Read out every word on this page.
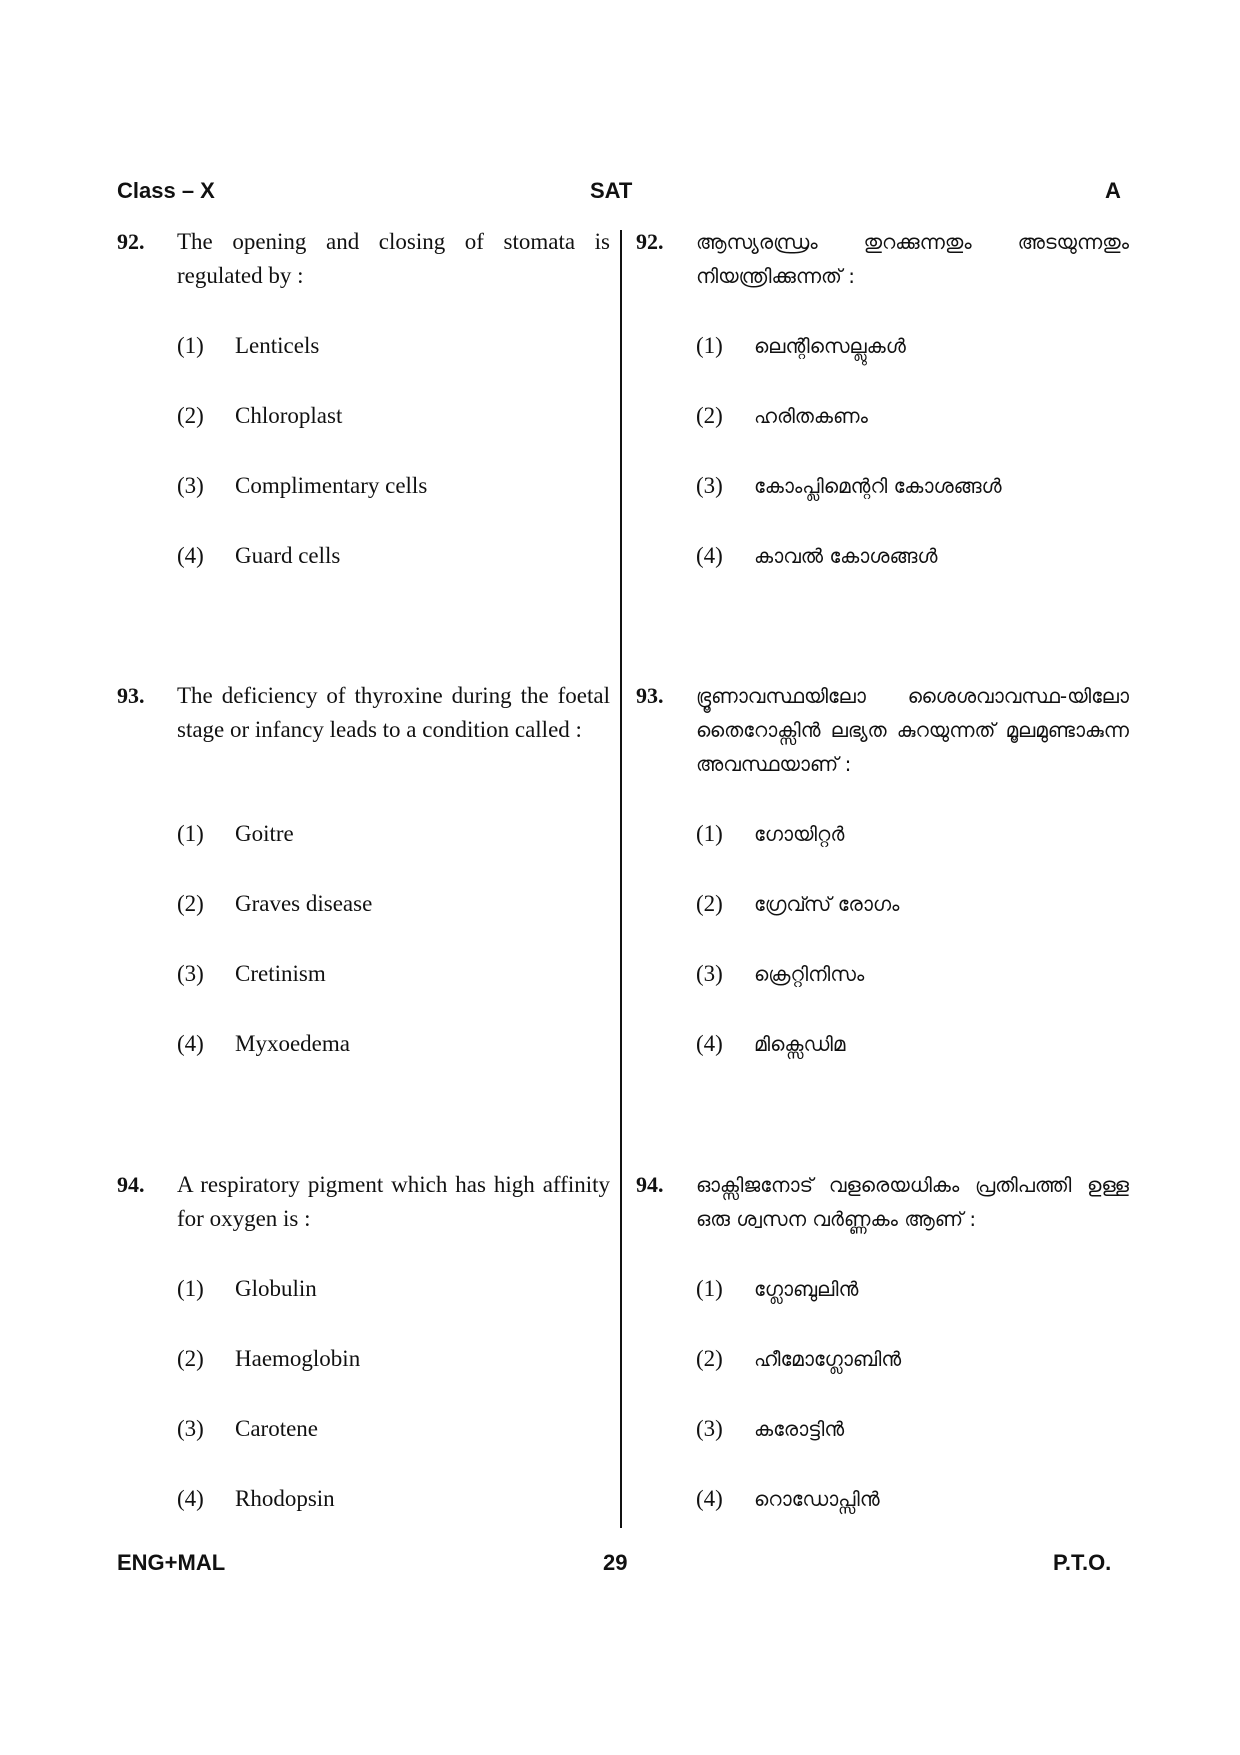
Class – X	SAT	A
92. The opening and closing of stomata is regulated by :
(1) Lenticels
(2) Chloroplast
(3) Complimentary cells
(4) Guard cells
93. The deficiency of thyroxine during the foetal stage or infancy leads to a condition called :
(1) Goitre
(2) Graves disease
(3) Cretinism
(4) Myxoedema
94. A respiratory pigment which has high affinity for oxygen is :
(1) Globulin
(2) Haemoglobin
(3) Carotene
(4) Rhodopsin
92. ആസ്യരന്ധ്രം തുറക്കുന്നതും അടയുന്നതും നിയന്ത്രിക്കുന്നത് :
(1) ലെന്റിസെല്ലുകൾ
(2) ഹരിതകണം
(3) കോംപ്ലിമെന്ററി കോശങ്ങൾ
(4) കാവൽ കോശങ്ങൾ
93. ഭ്രൂണാവസ്ഥയിലോ ശൈശവാവസ്ഥ-യിലോ തൈറോക്സിൻ ലഭ്യത കുറയുന്നത് മൂലമുണ്ടാകുന്ന അവസ്ഥയാണ് :
(1) ഗോയിറ്റർ
(2) ഗ്രേവ്സ് രോഗം
(3) ക്രെറ്റിനിസം
(4) മിക്സെഡിമ
94. ഓക്സിജനോട് വളരെയധികം പ്രതിപത്തി ഉള്ള ഒരു ശ്വസന വർണ്ണകം ആണ് :
(1) ഗ്ലോബുലിൻ
(2) ഹീമോഗ്ലോബിൻ
(3) കരോട്ടിൻ
(4) റൊഡോപ്സിൻ
ENG+MAL	29	P.T.O.
